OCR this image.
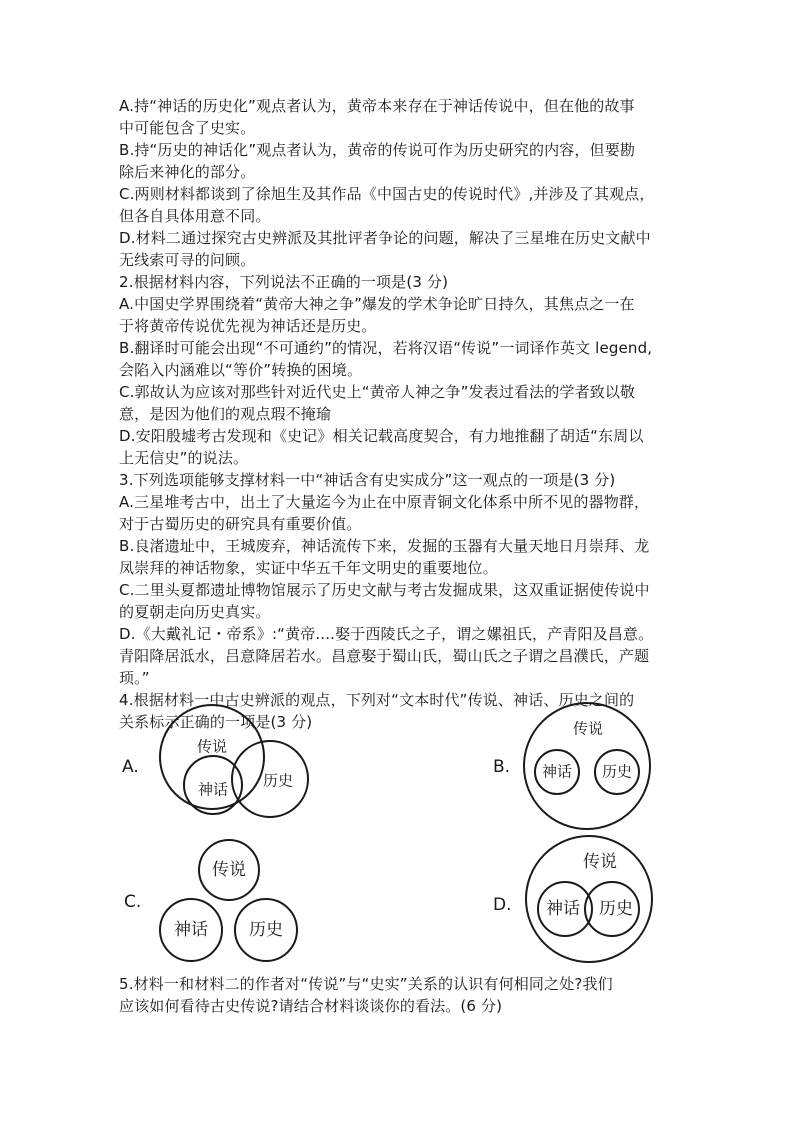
A.持“神话的历史化”观点者认为，黄帝本来存在于神话传说中，但在他的故事
中可能包含了史实。
B.持“历史的神话化”观点者认为，黄帝的传说可作为历史研究的内容，但要勘
除后来神化的部分。
C.两则材料都谈到了徐旭生及其作品《中国古史的传说时代》,并涉及了其观点，
但各自具体用意不同。
D.材料二通过探究古史辨派及其批评者争论的问题，解决了三星堆在历史文献中
无线索可寻的问顾。
2.根据材料内容，下列说法不正确的一项是(3 分)
A.中国史学界围绕着“黄帝大神之争”爆发的学术争论旷日持久，其焦点之一在
于将黄帝传说优先视为神话还是历史。
B.翻译时可能会出现“不可通约”的情况，若将汉语“传说”一词译作英文 legend,
会陷入内涵难以“等价”转换的困境。
C.郭故认为应该对那些针对近代史上“黄帝人神之争”发表过看法的学者致以敬
意，是因为他们的观点瑕不掩瑜
D.安阳殷墟考古发现和《史记》相关记载高度契合，有力地推翻了胡适“东周以
上无信史”的说法。
3.下列选项能够支撑材料一中“神话含有史实成分”这一观点的一项是(3 分)
A.三星堆考古中，出土了大量迄今为止在中原青铜文化体系中所不见的器物群，
对于古蜀历史的研究具有重要价值。
B.良渚遗址中，王城废弃，神话流传下来，发掘的玉器有大量天地日月崇拜、龙
凤崇拜的神话物象，实证中华五千年文明史的重要地位。
C.二里头夏都遗址博物馆展示了历史文献与考古发掘成果，这双重证据使传说中
的夏朝走向历史真实。
D.《大戴礼记・帝系》:“黄帝....娶于西陵氏之子，谓之嫘祖氏，产青阳及昌意。
青阳降居泜水，吕意降居若水。昌意娶于蜀山氏，蜀山氏之子谓之昌濮氏，产题
顼。”
4.根据材料一中古史辨派的观点，下列对“文本时代”传说、神话、历史之间的
关系标示正确的一项是(3 分)
A.	B.
C.	D.
传说
神话 历史
传说
神话 历史
传说
神话 历史
传说
神话 历史
5.材料一和材料二的作者对“传说”与“史实”关系的认识有何相同之处?我们
应该如何看待古史传说?请结合材料谈谈你的看法。(6 分)
